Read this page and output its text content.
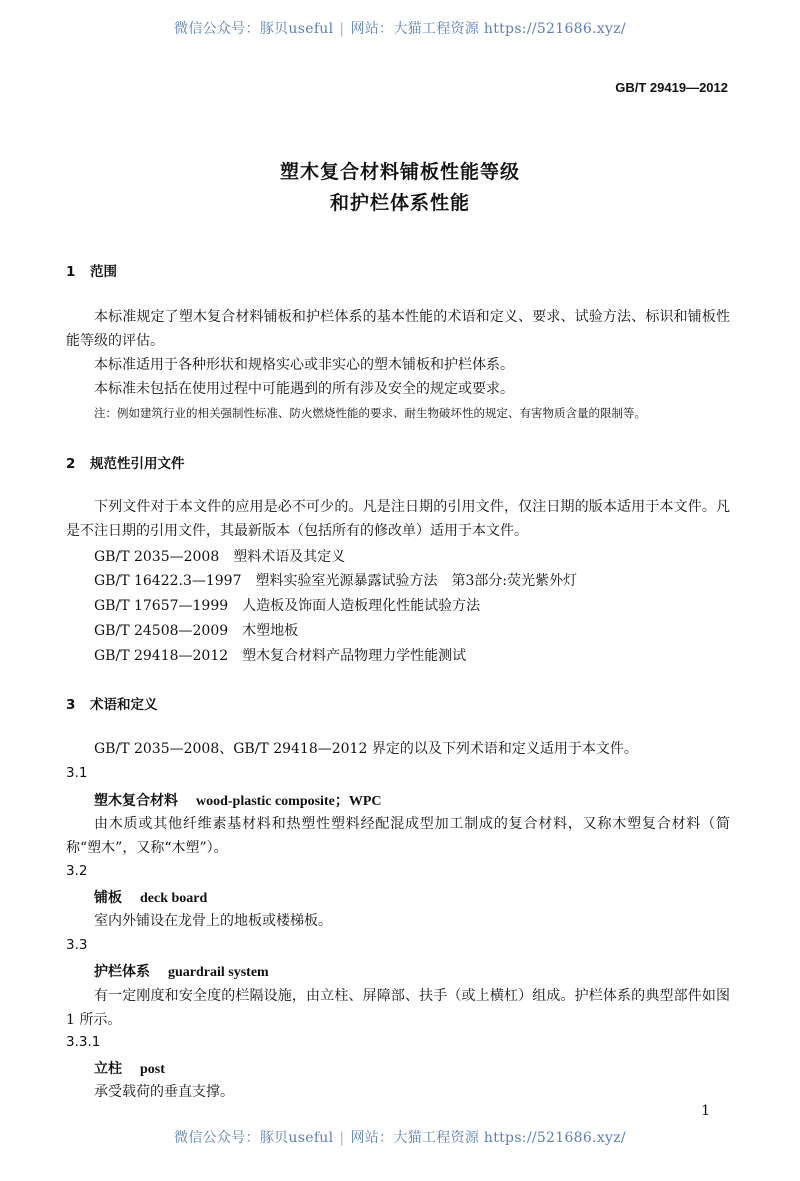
微信公众号：豚贝useful | 网站：大猫工程资源 https://521686.xyz/
GB/T 29419—2012
塑木复合材料铺板性能等级
和护栏体系性能
1 范围
本标准规定了塑木复合材料铺板和护栏体系的基本性能的术语和定义、要求、试验方法、标识和铺板性能等级的评估。
本标准适用于各种形状和规格实心或非实心的塑木铺板和护栏体系。
本标准未包括在使用过程中可能遇到的所有涉及安全的规定或要求。
注：例如建筑行业的相关强制性标准、防火燃烧性能的要求、耐生物破坏性的规定、有害物质含量的限制等。
2 规范性引用文件
下列文件对于本文件的应用是必不可少的。凡是注日期的引用文件，仅注日期的版本适用于本文件。凡是不注日期的引用文件，其最新版本（包括所有的修改单）适用于本文件。
GB/T 2035—2008 塑料术语及其定义
GB/T 16422.3—1997 塑料实验室光源暴露试验方法　第3部分:荧光紫外灯
GB/T 17657—1999 人造板及饰面人造板理化性能试验方法
GB/T 24508—2009 木塑地板
GB/T 29418—2012 塑木复合材料产品物理力学性能测试
3 术语和定义
GB/T 2035—2008、GB/T 29418—2012 界定的以及下列术语和定义适用于本文件。
3.1
塑木复合材料 wood-plastic composite；WPC
由木质或其他纤维素基材料和热塑性塑料经配混成型加工制成的复合材料，又称木塑复合材料（简称“塑木”，又称“木塑”）。
3.2
铺板 deck board
室内外铺设在龙骨上的地板或楼梯板。
3.3
护栏体系 guardrail system
有一定刚度和安全度的栏隔设施，由立柱、屏障部、扶手（或上横杠）组成。护栏体系的典型部件如图 1 所示。
3.3.1
立柱 post
承受载荷的垂直支撑。
1
微信公众号：豚贝useful | 网站：大猫工程资源 https://521686.xyz/
